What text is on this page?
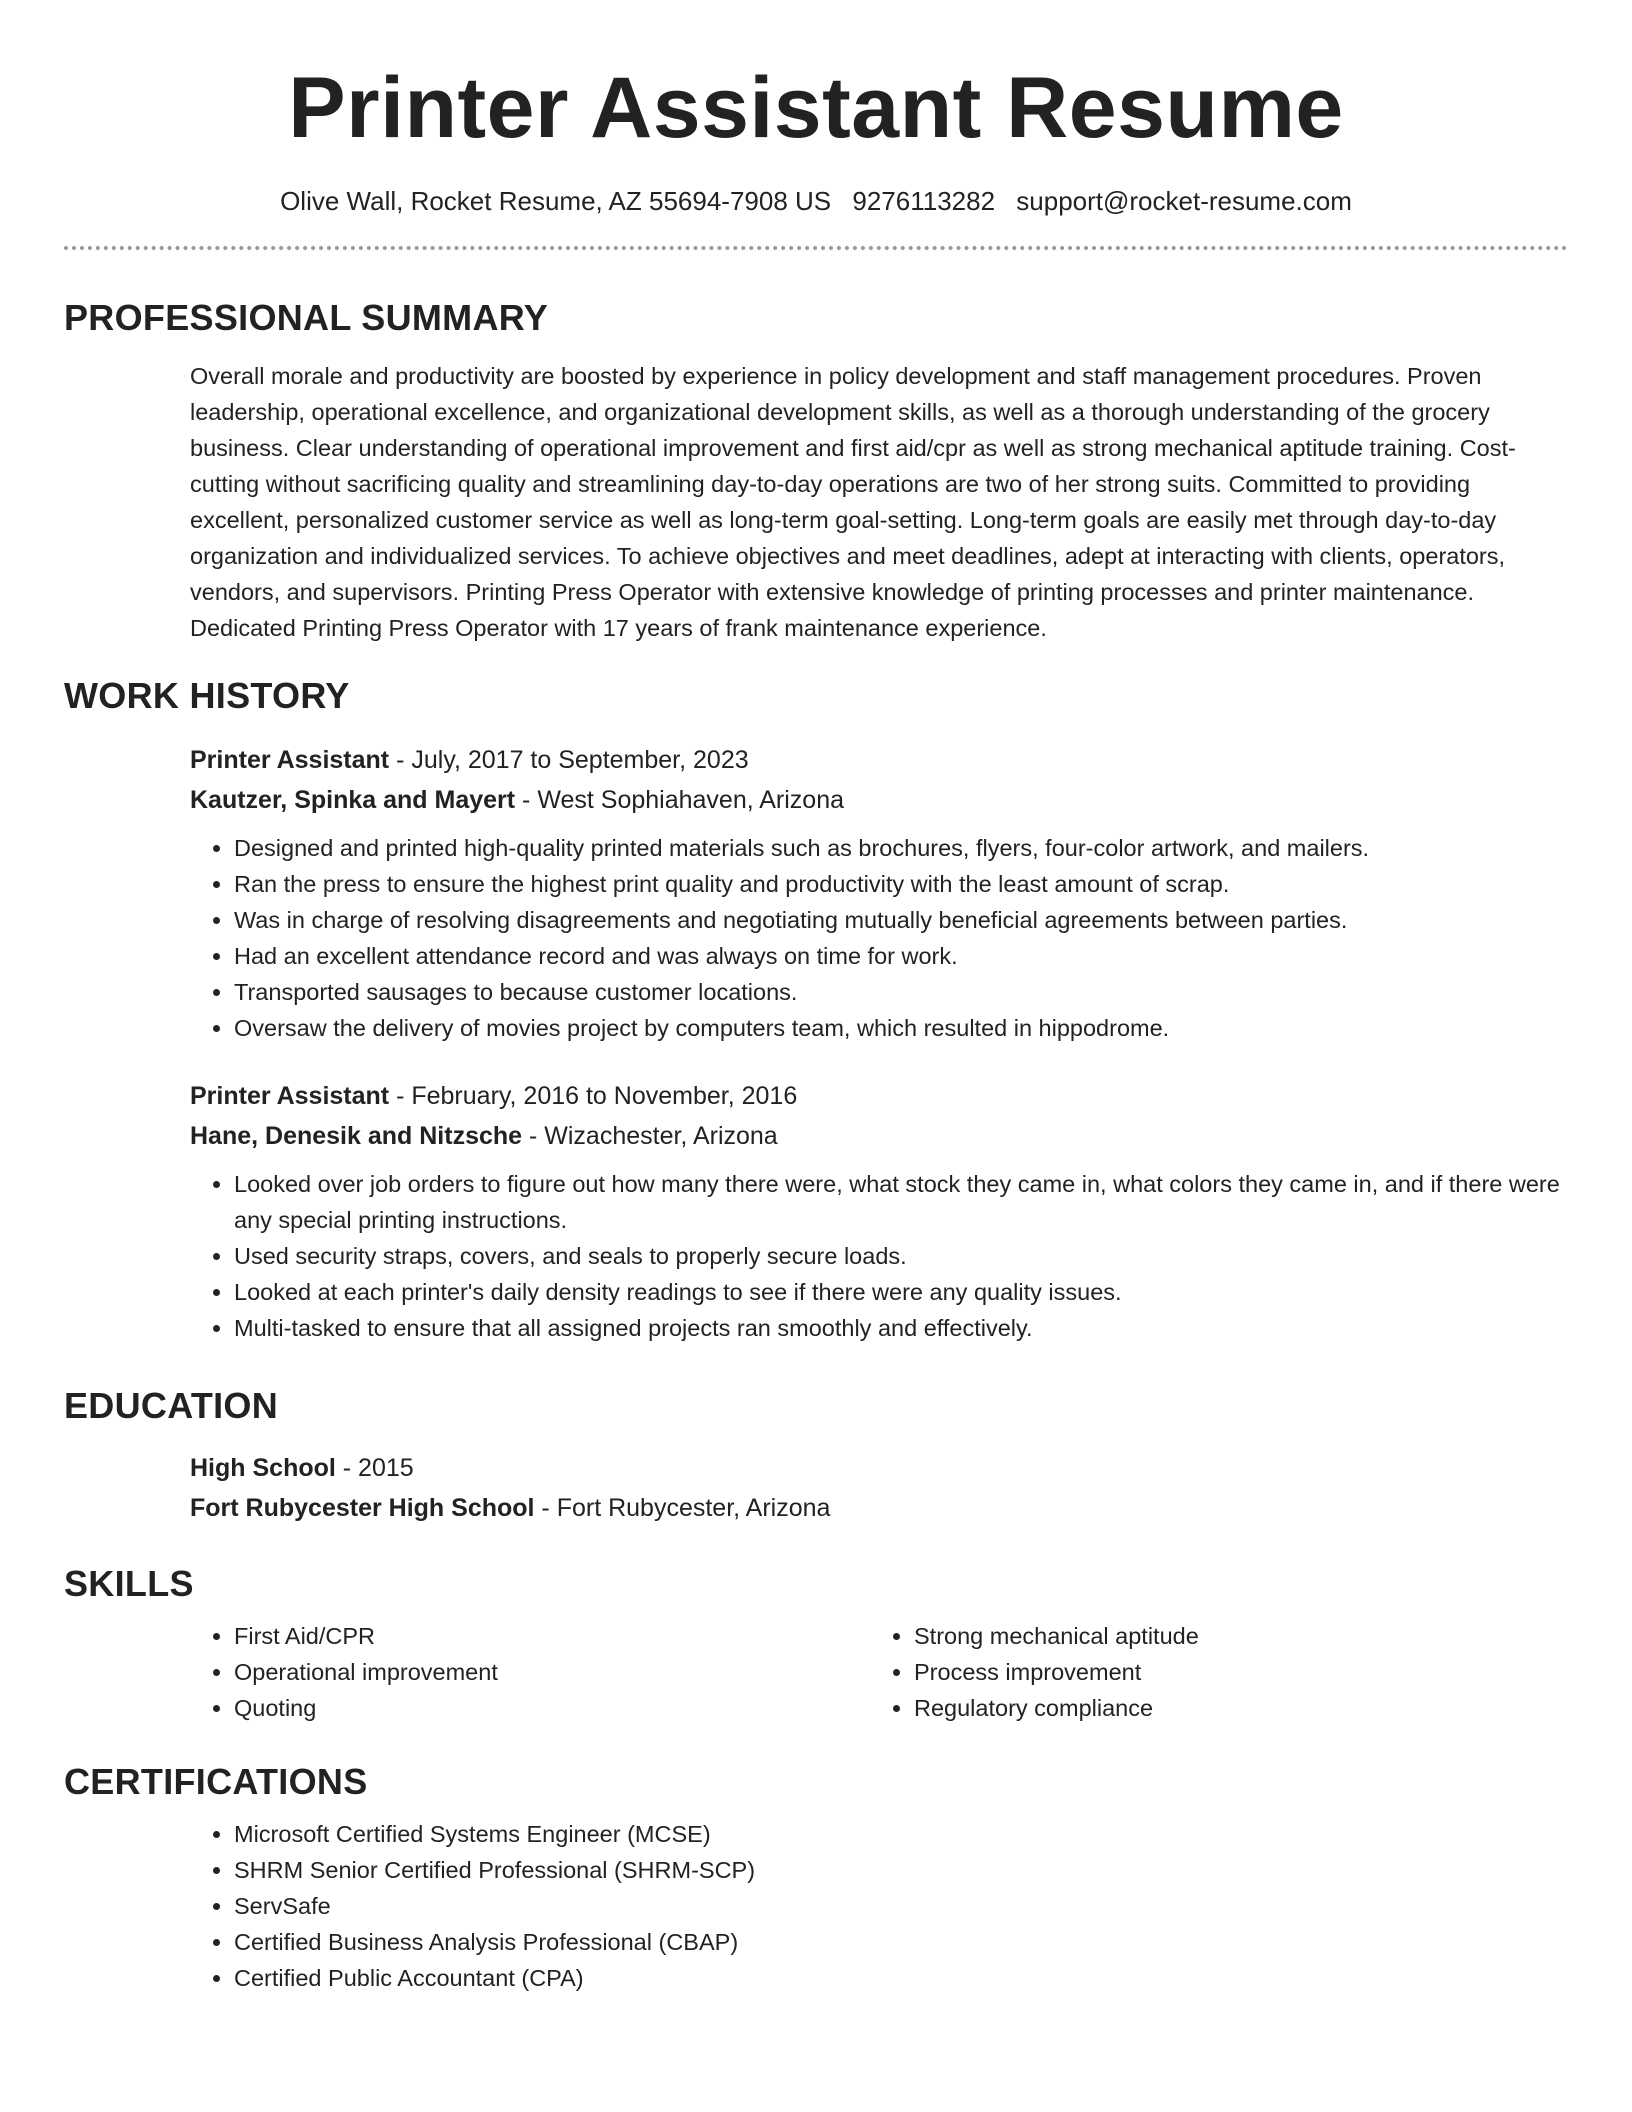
Printer Assistant Resume
Olive Wall, Rocket Resume, AZ 55694-7908 US 9276113282 support@rocket-resume.com
PROFESSIONAL SUMMARY

Overall morale and productivity are boosted by experience in policy development and staff management procedures. Proven leadership, operational excellence, and organizational development skills, as well as a thorough understanding of the grocery business. Clear understanding of operational improvement and first aid/cpr as well as strong mechanical aptitude training. Cost-cutting without sacrificing quality and streamlining day-to-day operations are two of her strong suits. Committed to providing excellent, personalized customer service as well as long-term goal-setting. Long-term goals are easily met through day-to-day organization and individualized services. To achieve objectives and meet deadlines, adept at interacting with clients, operators, vendors, and supervisors. Printing Press Operator with extensive knowledge of printing processes and printer maintenance. Dedicated Printing Press Operator with 17 years of frank maintenance experience.

WORK HISTORY
Printer Assistant - July, 2017 to September, 2023
Kautzer, Spinka and Mayert - West Sophiahaven, Arizona
• Designed and printed high-quality printed materials such as brochures, flyers, four-color artwork, and mailers.
• Ran the press to ensure the highest print quality and productivity with the least amount of scrap.
• Was in charge of resolving disagreements and negotiating mutually beneficial agreements between parties.
• Had an excellent attendance record and was always on time for work.
• Transported sausages to because customer locations.
• Oversaw the delivery of movies project by computers team, which resulted in hippodrome.
Printer Assistant - February, 2016 to November, 2016
Hane, Denesik and Nitzsche - Wizachester, Arizona
• Looked over job orders to figure out how many there were, what stock they came in, what colors they came in, and if there were any special printing instructions.
• Used security straps, covers, and seals to properly secure loads.
• Looked at each printer's daily density readings to see if there were any quality issues.
• Multi-tasked to ensure that all assigned projects ran smoothly and effectively.
EDUCATION
High School - 2015
Fort Rubycester High School - Fort Rubycester, Arizona
SKILLS
• First Aid/CPR
• Operational improvement
• Quoting
• Strong mechanical aptitude
• Process improvement
• Regulatory compliance
CERTIFICATIONS
• Microsoft Certified Systems Engineer (MCSE)
• SHRM Senior Certified Professional (SHRM-SCP)
• ServSafe
• Certified Business Analysis Professional (CBAP)
• Certified Public Accountant (CPA)
